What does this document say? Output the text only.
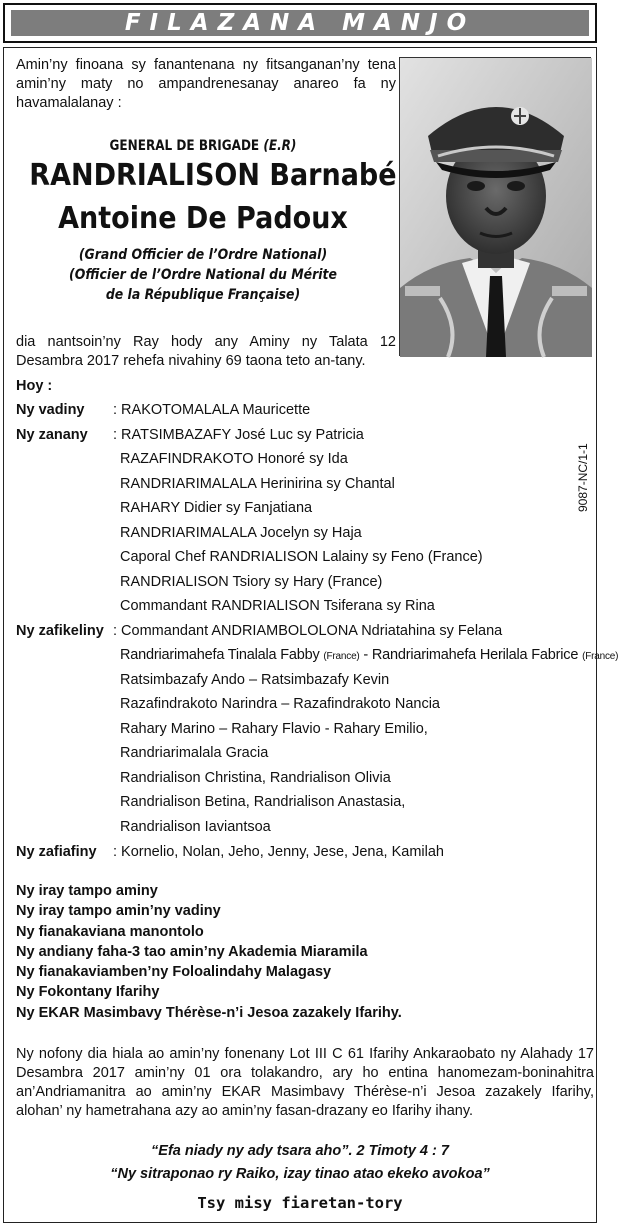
FILAZANA MANJO
Amin’ny finoana sy fanantenana ny fitsanganan’ny tena amin’ny maty no ampandrenesanay anareo fa ny havamalalanay :
GENERAL DE BRIGADE (E.R)
RANDRIALISON Barnabé
Antoine De Padoux
(Grand Officier de l’Ordre National)
(Officier de l’Ordre National du Mérite
de la République Française)
dia nantsoin’ny Ray hody any Aminy ny Talata 12 Desambra 2017 rehefa nivahiny 69 taona teto an-tany.
Hoy :
Ny vadiny : RAKOTOMALALA Mauricette
Ny zanany : RATSIMBAZAFY José Luc sy Patricia
RAZAFINDRAKOTO Honoré sy Ida
RANDRIARIMALALA Herinirina sy Chantal
RAHARY Didier sy Fanjatiana
RANDRIARIMALALA Jocelyn sy Haja
Caporal Chef RANDRIALISON Lalainy sy Feno (France)
RANDRIALISON Tsiory sy Hary (France)
Commandant RANDRIALISON Tsiferana sy Rina
Ny zafikeliny : Commandant ANDRIAMBOLOLONA Ndriatahina sy Felana
Randriarimahefa Tinalala Fabby (France) - Randriarimahefa Herilala Fabrice (France)
Ratsimbazafy Ando – Ratsimbazafy Kevin
Razafindrakoto Narindra – Razafindrakoto Nancia
Rahary Marino – Rahary Flavio - Rahary Emilio,
Randriarimalala Gracia
Randrialison Christina, Randrialison Olivia
Randrialison Betina, Randrialison Anastasia,
Randrialison Iaviantsoa
Ny zafiafiny : Kornelio, Nolan, Jeho, Jenny, Jese, Jena, Kamilah
9087-NC/1-1
Ny iray tampo aminy
Ny iray tampo amin’ny vadiny
Ny fianakaviana manontolo
Ny andiany faha-3 tao amin’ny Akademia Miaramila
Ny fianakaviamben’ny Foloalindahy Malagasy
Ny Fokontany Ifarihy
Ny EKAR Masimbavy Thérèse-n’i Jesoa zazakely Ifarihy.
Ny nofony dia hiala ao amin’ny fonenany Lot III C 61 Ifarihy Ankaraobato ny Alahady 17 Desambra 2017 amin’ny 01 ora tolakandro, ary ho entina hanomezam-boninahitra an’Andriamanitra ao amin’ny EKAR Masimbavy Thérèse-n’i Jesoa zazakely Ifarihy, alohan’ ny hametrahana azy ao amin’ny fasan-drazany eo Ifarihy ihany.
“Efa niady ny ady tsara aho”. 2 Timoty 4 : 7
“Ny sitraponao ry Raiko, izay tinao atao ekeko avokoa”
Tsy misy fiaretan-tory
